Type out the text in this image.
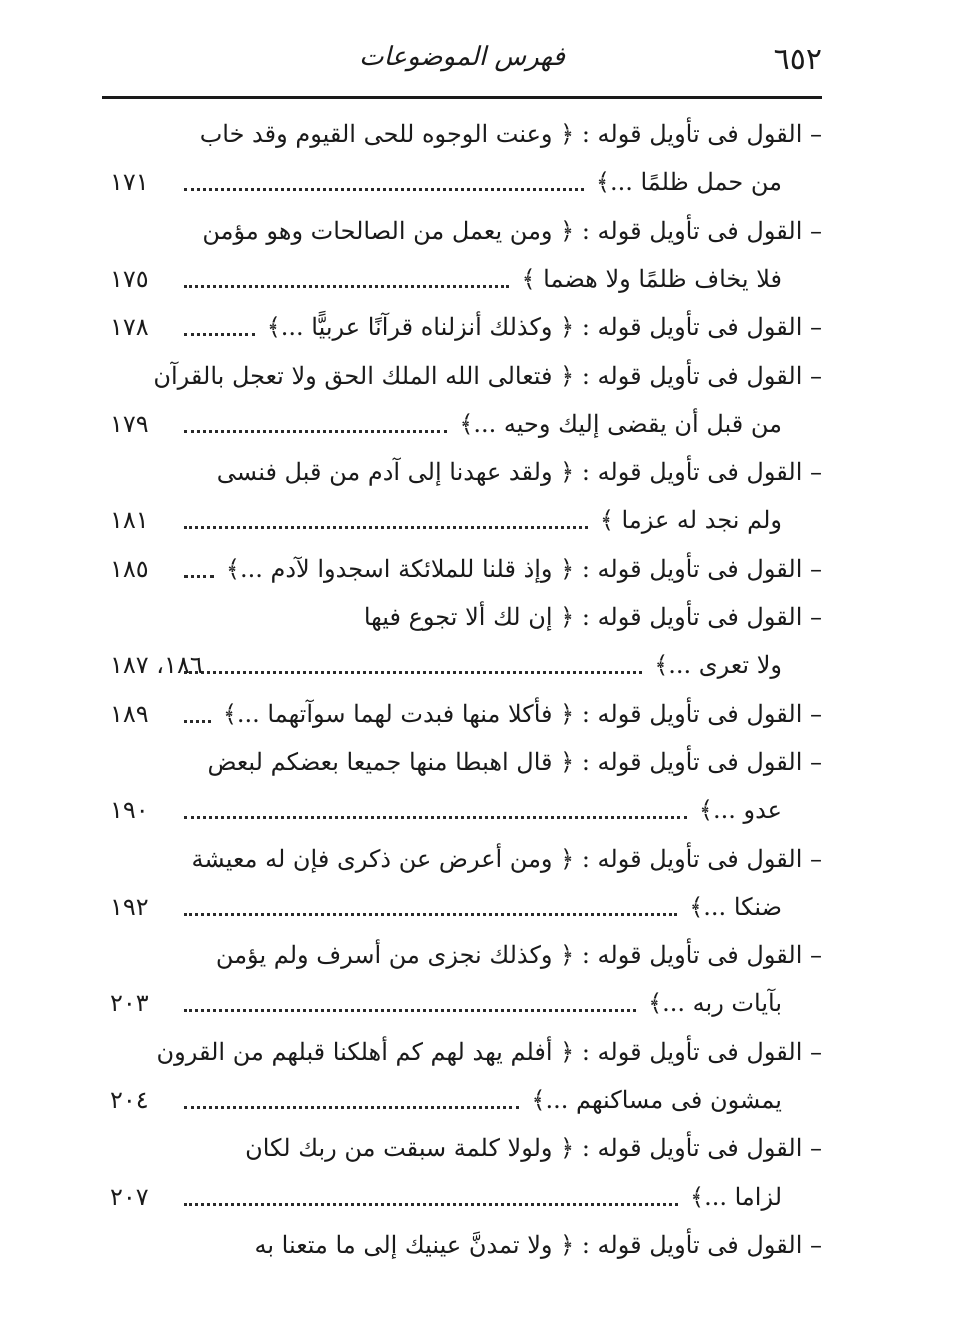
٦٥٢
فهرس الموضوعات
– القول فى تأويل قوله : ﴿ وعنت الوجوه للحى القيوم وقد خاب
من حمل ظلمًا ...﴾
١٧١
– القول فى تأويل قوله : ﴿ ومن يعمل من الصالحات وهو مؤمن
فلا يخاف ظلمًا ولا هضما ﴾
١٧٥
– القول فى تأويل قوله : ﴿ وكذلك أنزلناه قرآنًا عربيًّا ...﴾
١٧٨
– القول فى تأويل قوله : ﴿ فتعالى الله الملك الحق ولا تعجل بالقرآن
من قبل أن يقضى إليك وحيه ...﴾
١٧٩
– القول فى تأويل قوله : ﴿ ولقد عهدنا إلى آدم من قبل فنسى
ولم نجد له عزما ﴾
١٨١
– القول فى تأويل قوله : ﴿ وإذ قلنا للملائكة اسجدوا لآدم ...﴾
١٨٥
– القول فى تأويل قوله : ﴿ إن لك ألا تجوع فيها
ولا تعرى ...﴾
١٨٦، ١٨٧
– القول فى تأويل قوله : ﴿ فأكلا منها فبدت لهما سوآتهما ...﴾
١٨٩
– القول فى تأويل قوله : ﴿ قال اهبطا منها جميعا بعضكم لبعض
عدو ...﴾
١٩٠
– القول فى تأويل قوله : ﴿ ومن أعرض عن ذكرى فإن له معيشة
ضنكا ...﴾
١٩٢
– القول فى تأويل قوله : ﴿ وكذلك نجزى من أسرف ولم يؤمن
بآيات ربه ...﴾
٢٠٣
– القول فى تأويل قوله : ﴿ أفلم يهد لهم كم أهلكنا قبلهم من القرون
يمشون فى مساكنهم ...﴾
٢٠٤
– القول فى تأويل قوله : ﴿ ولولا كلمة سبقت من ربك لكان
لزاما ...﴾
٢٠٧
– القول فى تأويل قوله : ﴿ ولا تمدنَّ عينيك إلى ما متعنا به
